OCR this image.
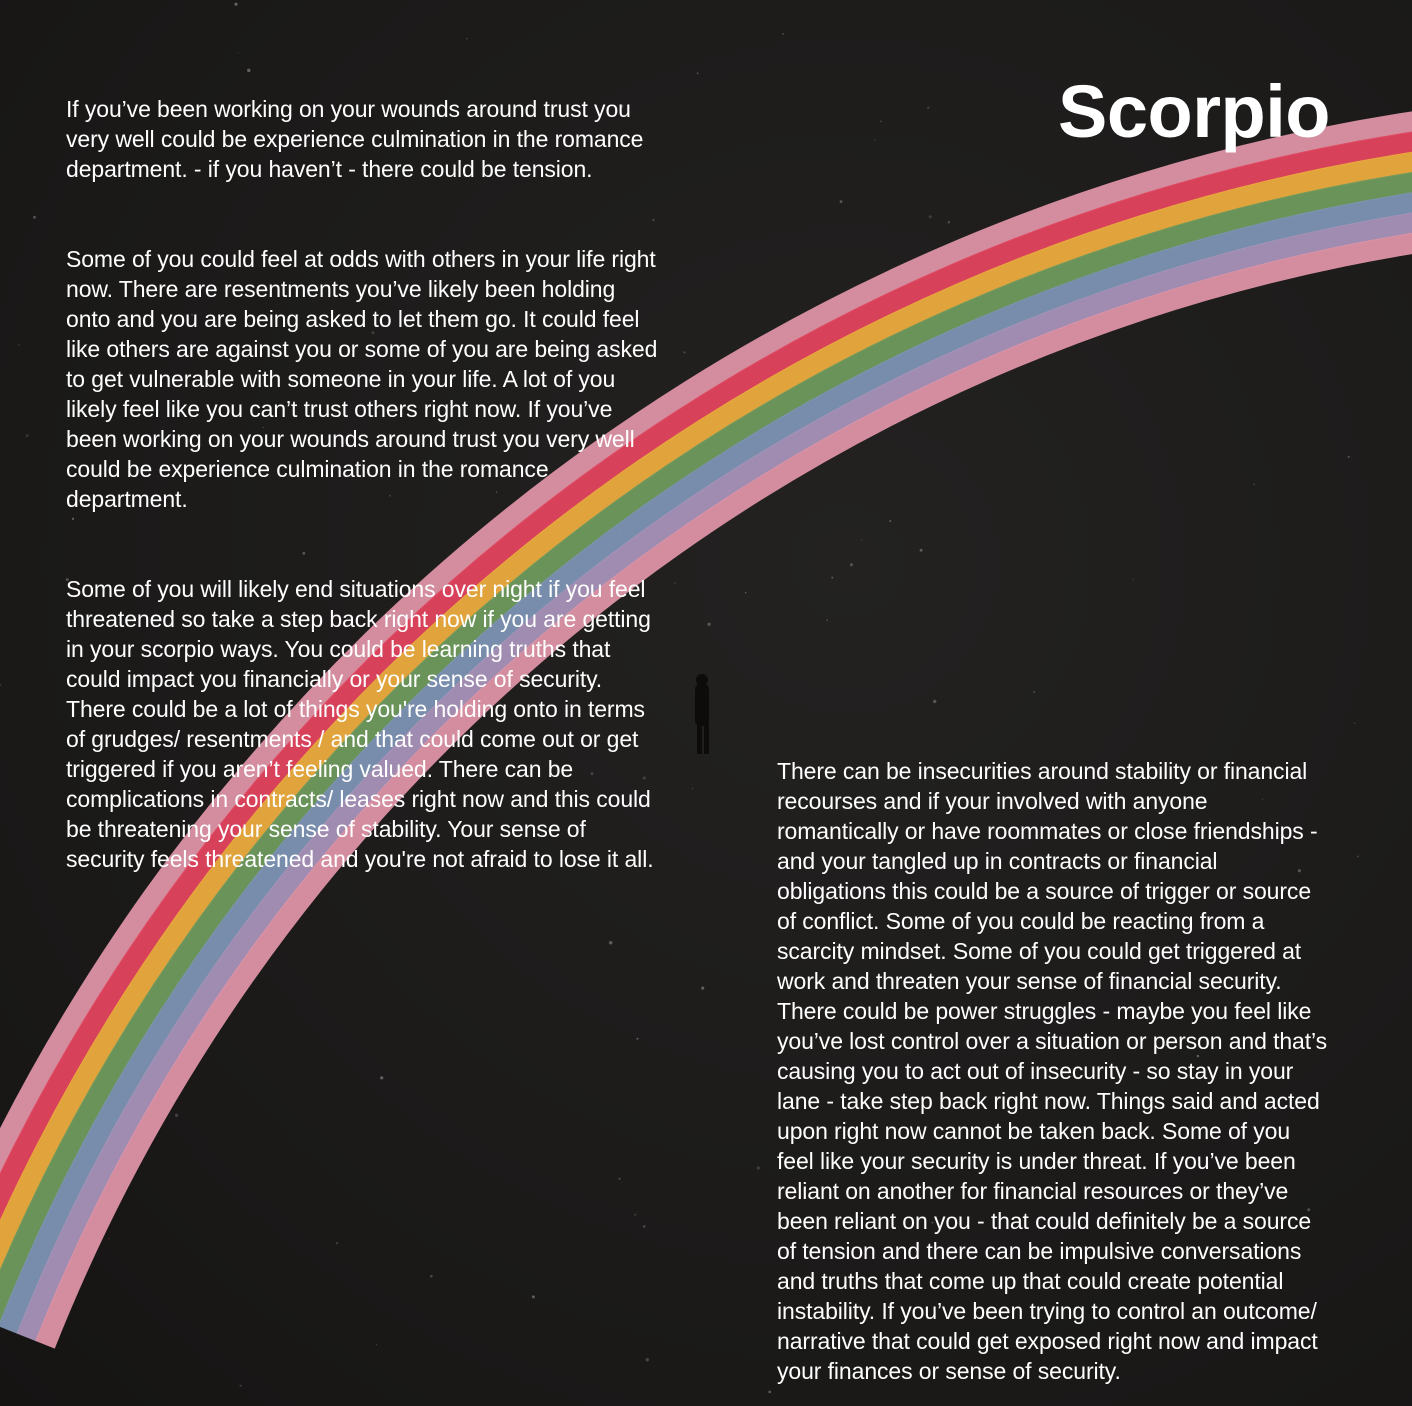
Scorpio

If you’ve been working on your wounds around trust you
very well could be experience culmination in the romance
department. - if you haven’t - there could be tension.

Some of you could feel at odds with others in your life right
now. There are resentments you’ve likely been holding
onto and you are being asked to let them go. It could feel
like others are against you or some of you are being asked
to get vulnerable with someone in your life. A lot of you
likely feel like you can’t trust others right now. If you’ve
been working on your wounds around trust you very well
could be experience culmination in the romance
department.

Some of you will likely end situations over night if you feel
threatened so take a step back right now if you are getting
in your scorpio ways. You could be learning truths that
could impact you financially or your sense of security.
There could be a lot of things you're holding onto in terms
of grudges/ resentments / and that could come out or get
triggered if you aren’t feeling valued. There can be
complications in contracts/ leases right now and this could
be threatening your sense of stability. Your sense of
security feels threatened and you're not afraid to lose it all.

There can be insecurities around stability or financial
recourses and if your involved with anyone
romantically or have roommates or close friendships -
and your tangled up in contracts or financial
obligations this could be a source of trigger or source
of conflict. Some of you could be reacting from a
scarcity mindset. Some of you could get triggered at
work and threaten your sense of financial security.
There could be power struggles - maybe you feel like
you’ve lost control over a situation or person and that’s
causing you to act out of insecurity - so stay in your
lane - take step back right now. Things said and acted
upon right now cannot be taken back. Some of you
feel like your security is under threat. If you’ve been
reliant on another for financial resources or they’ve
been reliant on you - that could definitely be a source
of tension and there can be impulsive conversations
and truths that come up that could create potential
instability. If you’ve been trying to control an outcome/
narrative that could get exposed right now and impact
your finances or sense of security.
